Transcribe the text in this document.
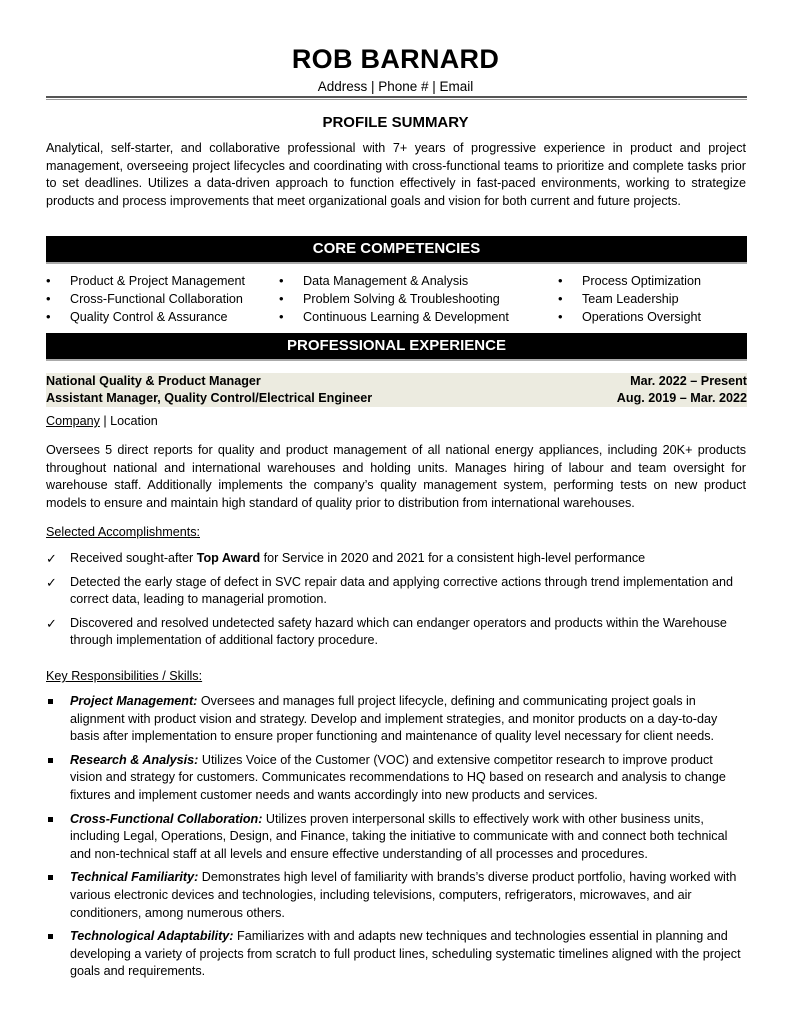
ROB BARNARD
Address | Phone # | Email
PROFILE SUMMARY
Analytical, self-starter, and collaborative professional with 7+ years of progressive experience in product and project management, overseeing project lifecycles and coordinating with cross-functional teams to prioritize and complete tasks prior to set deadlines. Utilizes a data-driven approach to function effectively in fast-paced environments, working to strategize products and process improvements that meet organizational goals and vision for both current and future projects.
CORE COMPETENCIES
• Product & Project Management
• Cross-Functional Collaboration
• Quality Control & Assurance
• Data Management & Analysis
• Problem Solving & Troubleshooting
• Continuous Learning & Development
• Process Optimization
• Team Leadership
• Operations Oversight
PROFESSIONAL EXPERIENCE
National Quality & Product Manager	Mar. 2022 – Present
Assistant Manager, Quality Control/Electrical Engineer	Aug. 2019 – Mar. 2022
Company | Location
Oversees 5 direct reports for quality and product management of all national energy appliances, including 20K+ products throughout national and international warehouses and holding units. Manages hiring of labour and team oversight for warehouse staff. Additionally implements the company’s quality management system, performing tests on new product models to ensure and maintain high standard of quality prior to distribution from international warehouses.
Selected Accomplishments:
✓ Received sought-after Top Award for Service in 2020 and 2021 for a consistent high-level performance
✓ Detected the early stage of defect in SVC repair data and applying corrective actions through trend implementation and correct data, leading to managerial promotion.
✓ Discovered and resolved undetected safety hazard which can endanger operators and products within the Warehouse through implementation of additional factory procedure.
Key Responsibilities / Skills:
Project Management: Oversees and manages full project lifecycle, defining and communicating project goals in alignment with product vision and strategy. Develop and implement strategies, and monitor products on a day-to-day basis after implementation to ensure proper functioning and maintenance of quality level necessary for client needs.
Research & Analysis: Utilizes Voice of the Customer (VOC) and extensive competitor research to improve product vision and strategy for customers. Communicates recommendations to HQ based on research and analysis to change fixtures and implement customer needs and wants accordingly into new products and services.
Cross-Functional Collaboration: Utilizes proven interpersonal skills to effectively work with other business units, including Legal, Operations, Design, and Finance, taking the initiative to communicate with and connect both technical and non-technical staff at all levels and ensure effective understanding of all processes and procedures.
Technical Familiarity: Demonstrates high level of familiarity with brands’s diverse product portfolio, having worked with various electronic devices and technologies, including televisions, computers, refrigerators, microwaves, and air conditioners, among numerous others.
Technological Adaptability: Familiarizes with and adapts new techniques and technologies essential in planning and developing a variety of projects from scratch to full product lines, scheduling systematic timelines aligned with the project goals and requirements.
